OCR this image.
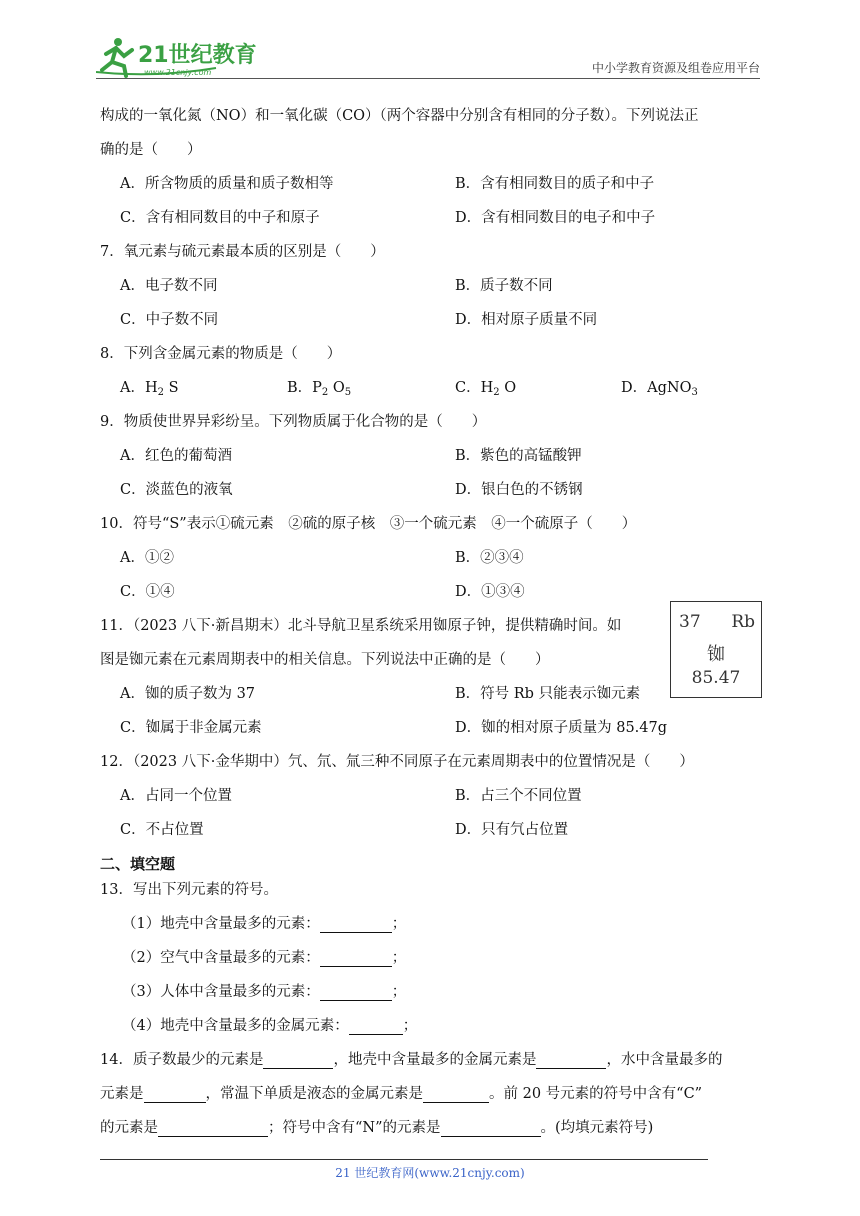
21世纪教育
www.21cnjy.com	中小学教育资源及组卷应用平台
构成的一氧化氮（NO）和一氧化碳（CO）（两个容器中分别含有相同的分子数）。下列说法正
确的是（　　）
A．所含物质的质量和质子数相等	B．含有相同数目的质子和中子
C．含有相同数目的中子和原子	D．含有相同数目的电子和中子
7．氧元素与硫元素最本质的区别是（　　）
A．电子数不同	B．质子数不同
C．中子数不同	D．相对原子质量不同
8．下列含金属元素的物质是（　　）
A．$H_2$ S	B．$P_2$ $O_5$	C．$H_2$ O	D．AgNO$_3$
9．物质使世界异彩纷呈。下列物质属于化合物的是（　　）
A．红色的葡萄酒	B．紫色的高锰酸钾
C．淡蓝色的液氧	D．银白色的不锈钢
10．符号“S”表示①硫元素　②硫的原子核　③一个硫元素　④一个硫原子（　　）
A．①②	B．②③④
C．①④	D．①③④
11．（2023 八下·新昌期末）北斗导航卫星系统采用铷原子钟，提供精确时间。如
图是铷元素在元素周期表中的相关信息。下列说法中正确的是（　　）
A．铷的质子数为 37	B．符号 Rb 只能表示铷元素
C．铷属于非金属元素	D．铷的相对原子质量为 85.47g
12．（2023 八下·金华期中）氕、氘、氚三种不同原子在元素周期表中的位置情况是（　　）
A．占同一个位置	B．占三个不同位置
C．不占位置	D．只有氕占位置
二、填空题
13．写出下列元素的符号。
（1）地壳中含量最多的元素：	；
（2）空气中含量最多的元素：	；
（3）人体中含量最多的元素：	；
（4）地壳中含量最多的金属元素：	；
14．质子数最少的元素是	，地壳中含量最多的金属元素是	，水中含量最多的
元素是	，常温下单质是液态的金属元素是	。前 20 号元素的符号中含有“C”
的元素是	；符号中含有“N”的元素是	。(均填元素符号)
37 Rb
铷
85.47
21 世纪教育网(www.21cnjy.com)
